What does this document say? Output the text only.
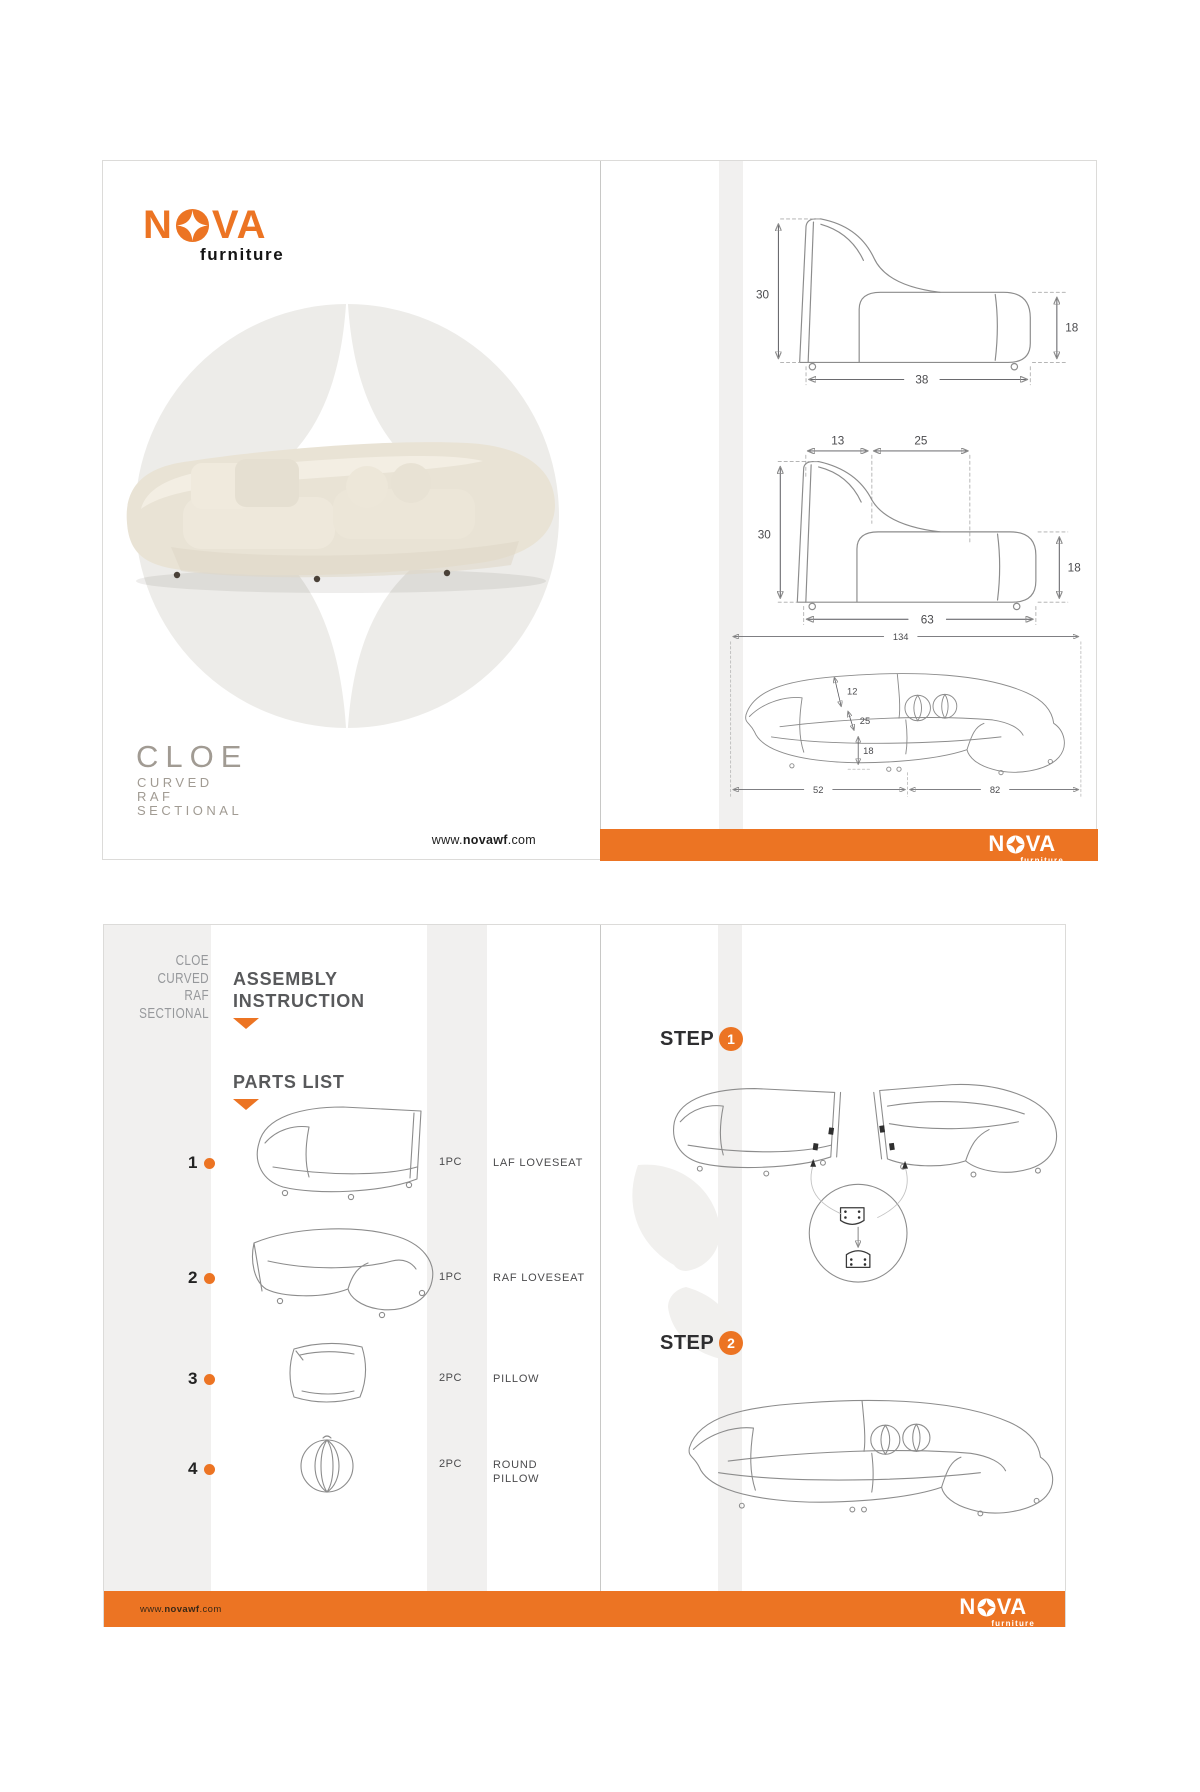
N VA
furniture
CLOE
CURVED
RAF
SECTIONAL
www.novawf.com
30
18
38
13	25
30
18
63
134
12
25
18
52	82
N VA
furniture
CLOE
CURVED
RAF
SECTIONAL
ASSEMBLY
INSTRUCTION
PARTS LIST
1	1PC	LAF LOVESEAT
2	1PC	RAF LOVESEAT
3	2PC	PILLOW
4	2PC	ROUND PILLOW
STEP 1
STEP 2
www.novawf.com	N VA
furniture
